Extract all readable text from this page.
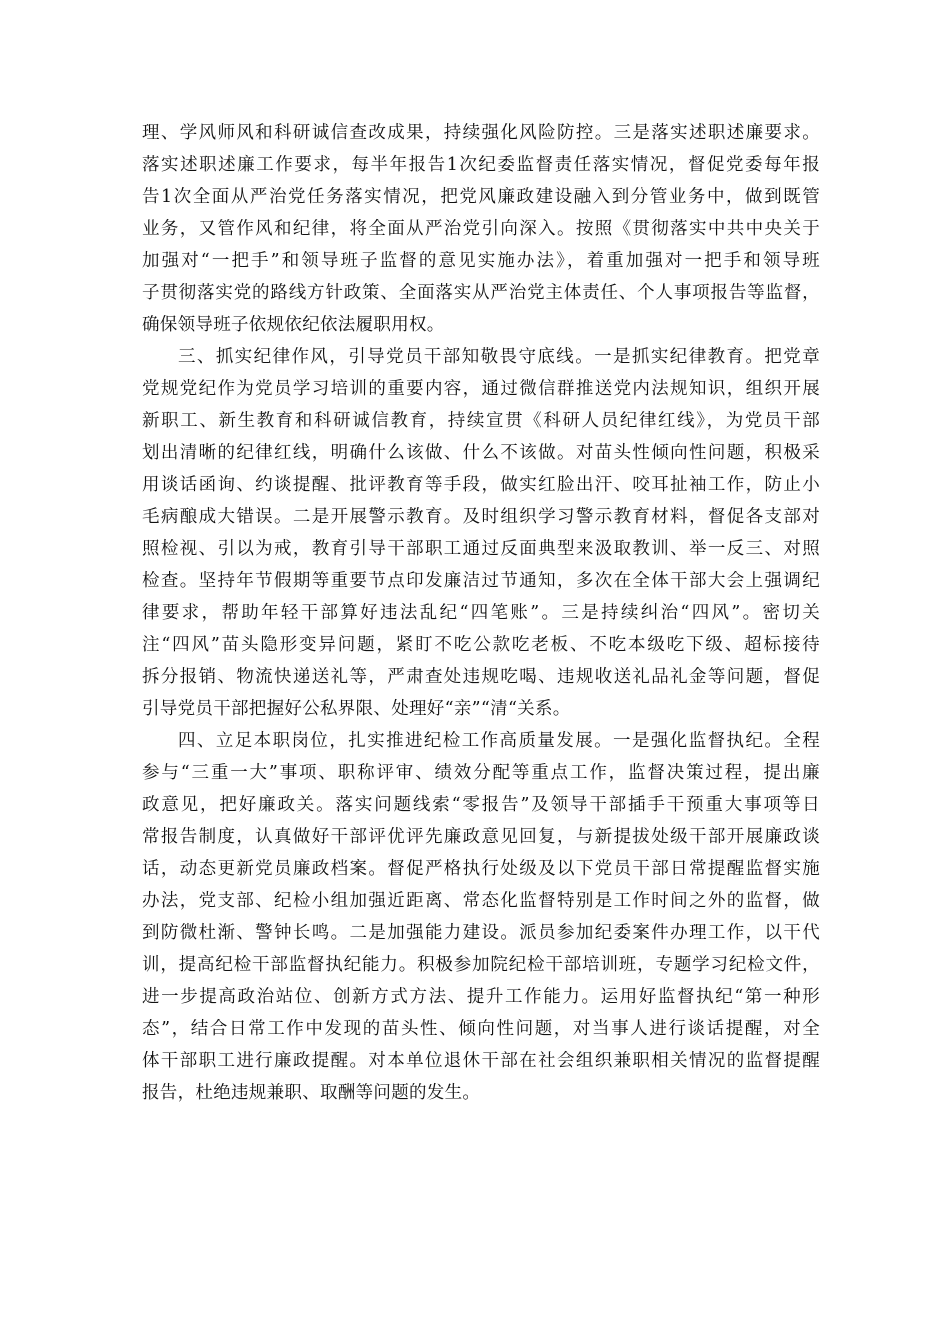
理、学风师风和科研诚信查改成果，持续强化风险防控。三是落实述职述廉要求。
落实述职述廉工作要求，每半年报告1次纪委监督责任落实情况，督促党委每年报
告1次全面从严治党任务落实情况，把党风廉政建设融入到分管业务中，做到既管
业务，又管作风和纪律，将全面从严治党引向深入。按照《贯彻落实中共中央关于
加强对“一把手”和领导班子监督的意见实施办法》，着重加强对一把手和领导班
子贯彻落实党的路线方针政策、全面落实从严治党主体责任、个人事项报告等监督，
确保领导班子依规依纪依法履职用权。
三、抓实纪律作风，引导党员干部知敬畏守底线。一是抓实纪律教育。把党章
党规党纪作为党员学习培训的重要内容，通过微信群推送党内法规知识，组织开展
新职工、新生教育和科研诚信教育，持续宣贯《科研人员纪律红线》，为党员干部
划出清晰的纪律红线，明确什么该做、什么不该做。对苗头性倾向性问题，积极采
用谈话函询、约谈提醒、批评教育等手段，做实红脸出汗、咬耳扯袖工作，防止小
毛病酿成大错误。二是开展警示教育。及时组织学习警示教育材料，督促各支部对
照检视、引以为戒，教育引导干部职工通过反面典型来汲取教训、举一反三、对照
检查。坚持年节假期等重要节点印发廉洁过节通知，多次在全体干部大会上强调纪
律要求，帮助年轻干部算好违法乱纪“四笔账”。三是持续纠治“四风”。密切关
注“四风”苗头隐形变异问题，紧盯不吃公款吃老板、不吃本级吃下级、超标接待
拆分报销、物流快递送礼等，严肃查处违规吃喝、违规收送礼品礼金等问题，督促
引导党员干部把握好公私界限、处理好“亲”“清“关系。
四、立足本职岗位，扎实推进纪检工作高质量发展。一是强化监督执纪。全程
参与“三重一大”事项、职称评审、绩效分配等重点工作，监督决策过程，提出廉
政意见，把好廉政关。落实问题线索“零报告”及领导干部插手干预重大事项等日
常报告制度，认真做好干部评优评先廉政意见回复，与新提拔处级干部开展廉政谈
话，动态更新党员廉政档案。督促严格执行处级及以下党员干部日常提醒监督实施
办法，党支部、纪检小组加强近距离、常态化监督特别是工作时间之外的监督，做
到防微杜渐、警钟长鸣。二是加强能力建设。派员参加纪委案件办理工作，以干代
训，提高纪检干部监督执纪能力。积极参加院纪检干部培训班，专题学习纪检文件，
进一步提高政治站位、创新方式方法、提升工作能力。运用好监督执纪“第一种形
态”，结合日常工作中发现的苗头性、倾向性问题，对当事人进行谈话提醒，对全
体干部职工进行廉政提醒。对本单位退休干部在社会组织兼职相关情况的监督提醒
报告，杜绝违规兼职、取酬等问题的发生。
